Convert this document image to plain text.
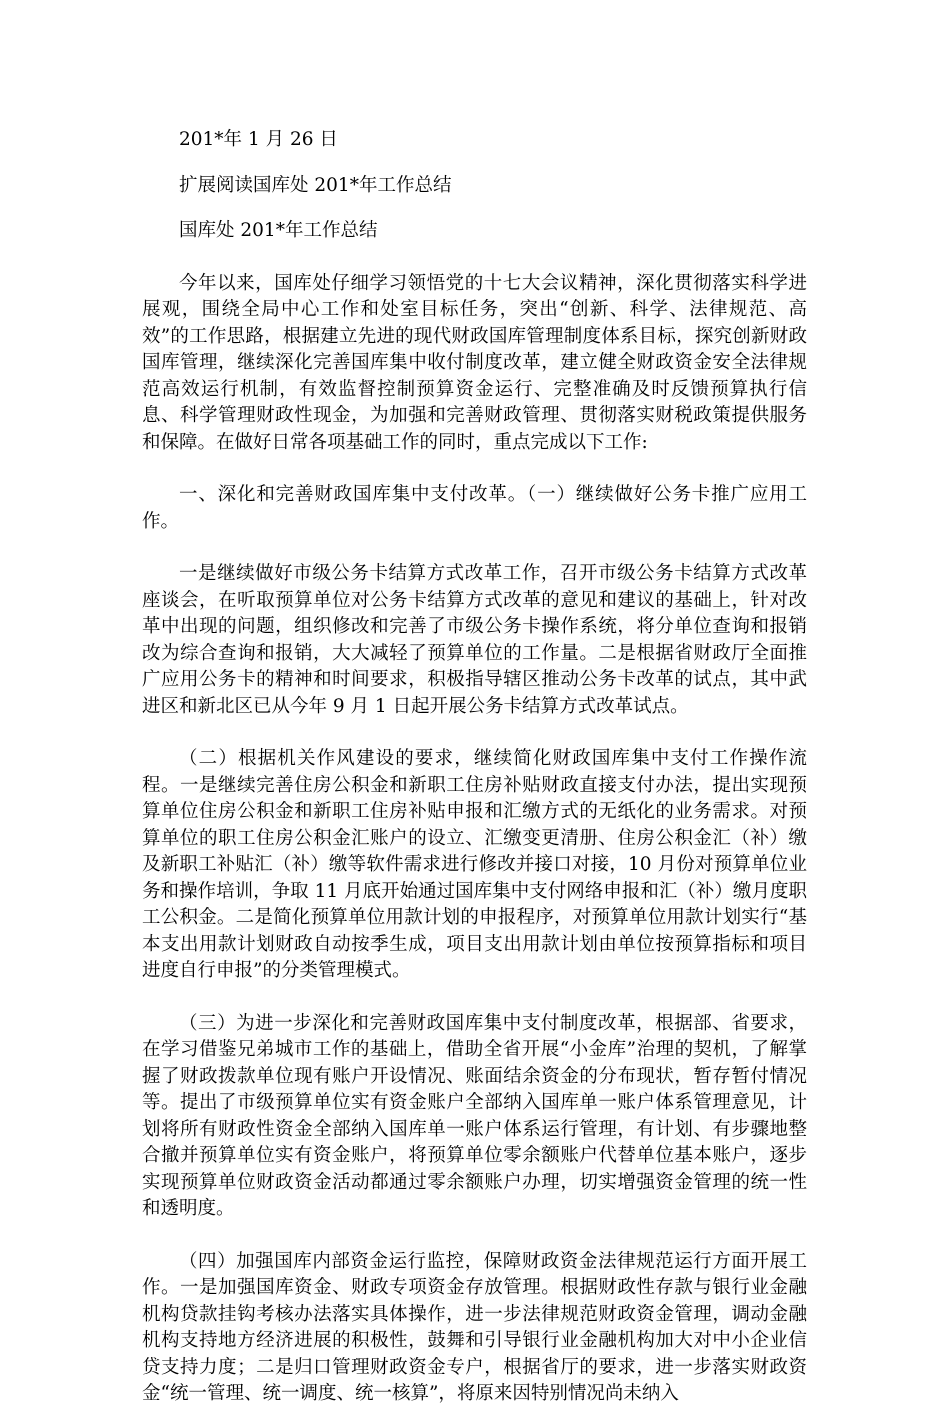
201*年 1 月 26 日

扩展阅读国库处 201*年工作总结

国库处 201*年工作总结

今年以来，国库处仔细学习领悟党的十七大会议精神，深化贯彻落实科学进展观，围绕全局中心工作和处室目标任务，突出“创新、科学、法律规范、高效”的工作思路，根据建立先进的现代财政国库管理制度体系目标，探究创新财政国库管理，继续深化完善国库集中收付制度改革，建立健全财政资金安全法律规范高效运行机制，有效监督控制预算资金运行、完整准确及时反馈预算执行信息、科学管理财政性现金，为加强和完善财政管理、贯彻落实财税政策提供服务和保障。在做好日常各项基础工作的同时，重点完成以下工作:

一、深化和完善财政国库集中支付改革。（一）继续做好公务卡推广应用工作。

一是继续做好市级公务卡结算方式改革工作，召开市级公务卡结算方式改革座谈会，在听取预算单位对公务卡结算方式改革的意见和建议的基础上，针对改革中出现的问题，组织修改和完善了市级公务卡操作系统，将分单位查询和报销改为综合查询和报销，大大减轻了预算单位的工作量。二是根据省财政厅全面推广应用公务卡的精神和时间要求，积极指导辖区推动公务卡改革的试点，其中武进区和新北区已从今年 9 月 1 日起开展公务卡结算方式改革试点。

（二）根据机关作风建设的要求，继续简化财政国库集中支付工作操作流程。一是继续完善住房公积金和新职工住房补贴财政直接支付办法，提出实现预算单位住房公积金和新职工住房补贴申报和汇缴方式的无纸化的业务需求。对预算单位的职工住房公积金汇账户的设立、汇缴变更清册、住房公积金汇（补）缴及新职工补贴汇（补）缴等软件需求进行修改并接口对接，10 月份对预算单位业务和操作培训，争取 11 月底开始通过国库集中支付网络申报和汇（补）缴月度职工公积金。二是简化预算单位用款计划的申报程序，对预算单位用款计划实行“基本支出用款计划财政自动按季生成，项目支出用款计划由单位按预算指标和项目进度自行申报”的分类管理模式。

（三）为进一步深化和完善财政国库集中支付制度改革，根据部、省要求，在学习借鉴兄弟城市工作的基础上，借助全省开展“小金库”治理的契机，了解掌握了财政拨款单位现有账户开设情况、账面结余资金的分布现状，暂存暂付情况等。提出了市级预算单位实有资金账户全部纳入国库单一账户体系管理意见，计划将所有财政性资金全部纳入国库单一账户体系运行管理，有计划、有步骤地整合撤并预算单位实有资金账户，将预算单位零余额账户代替单位基本账户，逐步实现预算单位财政资金活动都通过零余额账户办理，切实增强资金管理的统一性和透明度。

（四）加强国库内部资金运行监控，保障财政资金法律规范运行方面开展工作。一是加强国库资金、财政专项资金存放管理。根据财政性存款与银行业金融机构贷款挂钩考核办法落实具体操作，进一步法律规范财政资金管理，调动金融机构支持地方经济进展的积极性，鼓舞和引导银行业金融机构加大对中小企业信贷支持力度；二是归口管理财政资金专户，根据省厅的要求，进一步落实财政资金“统一管理、统一调度、统一核算”，将原来因特别情况尚未纳入
